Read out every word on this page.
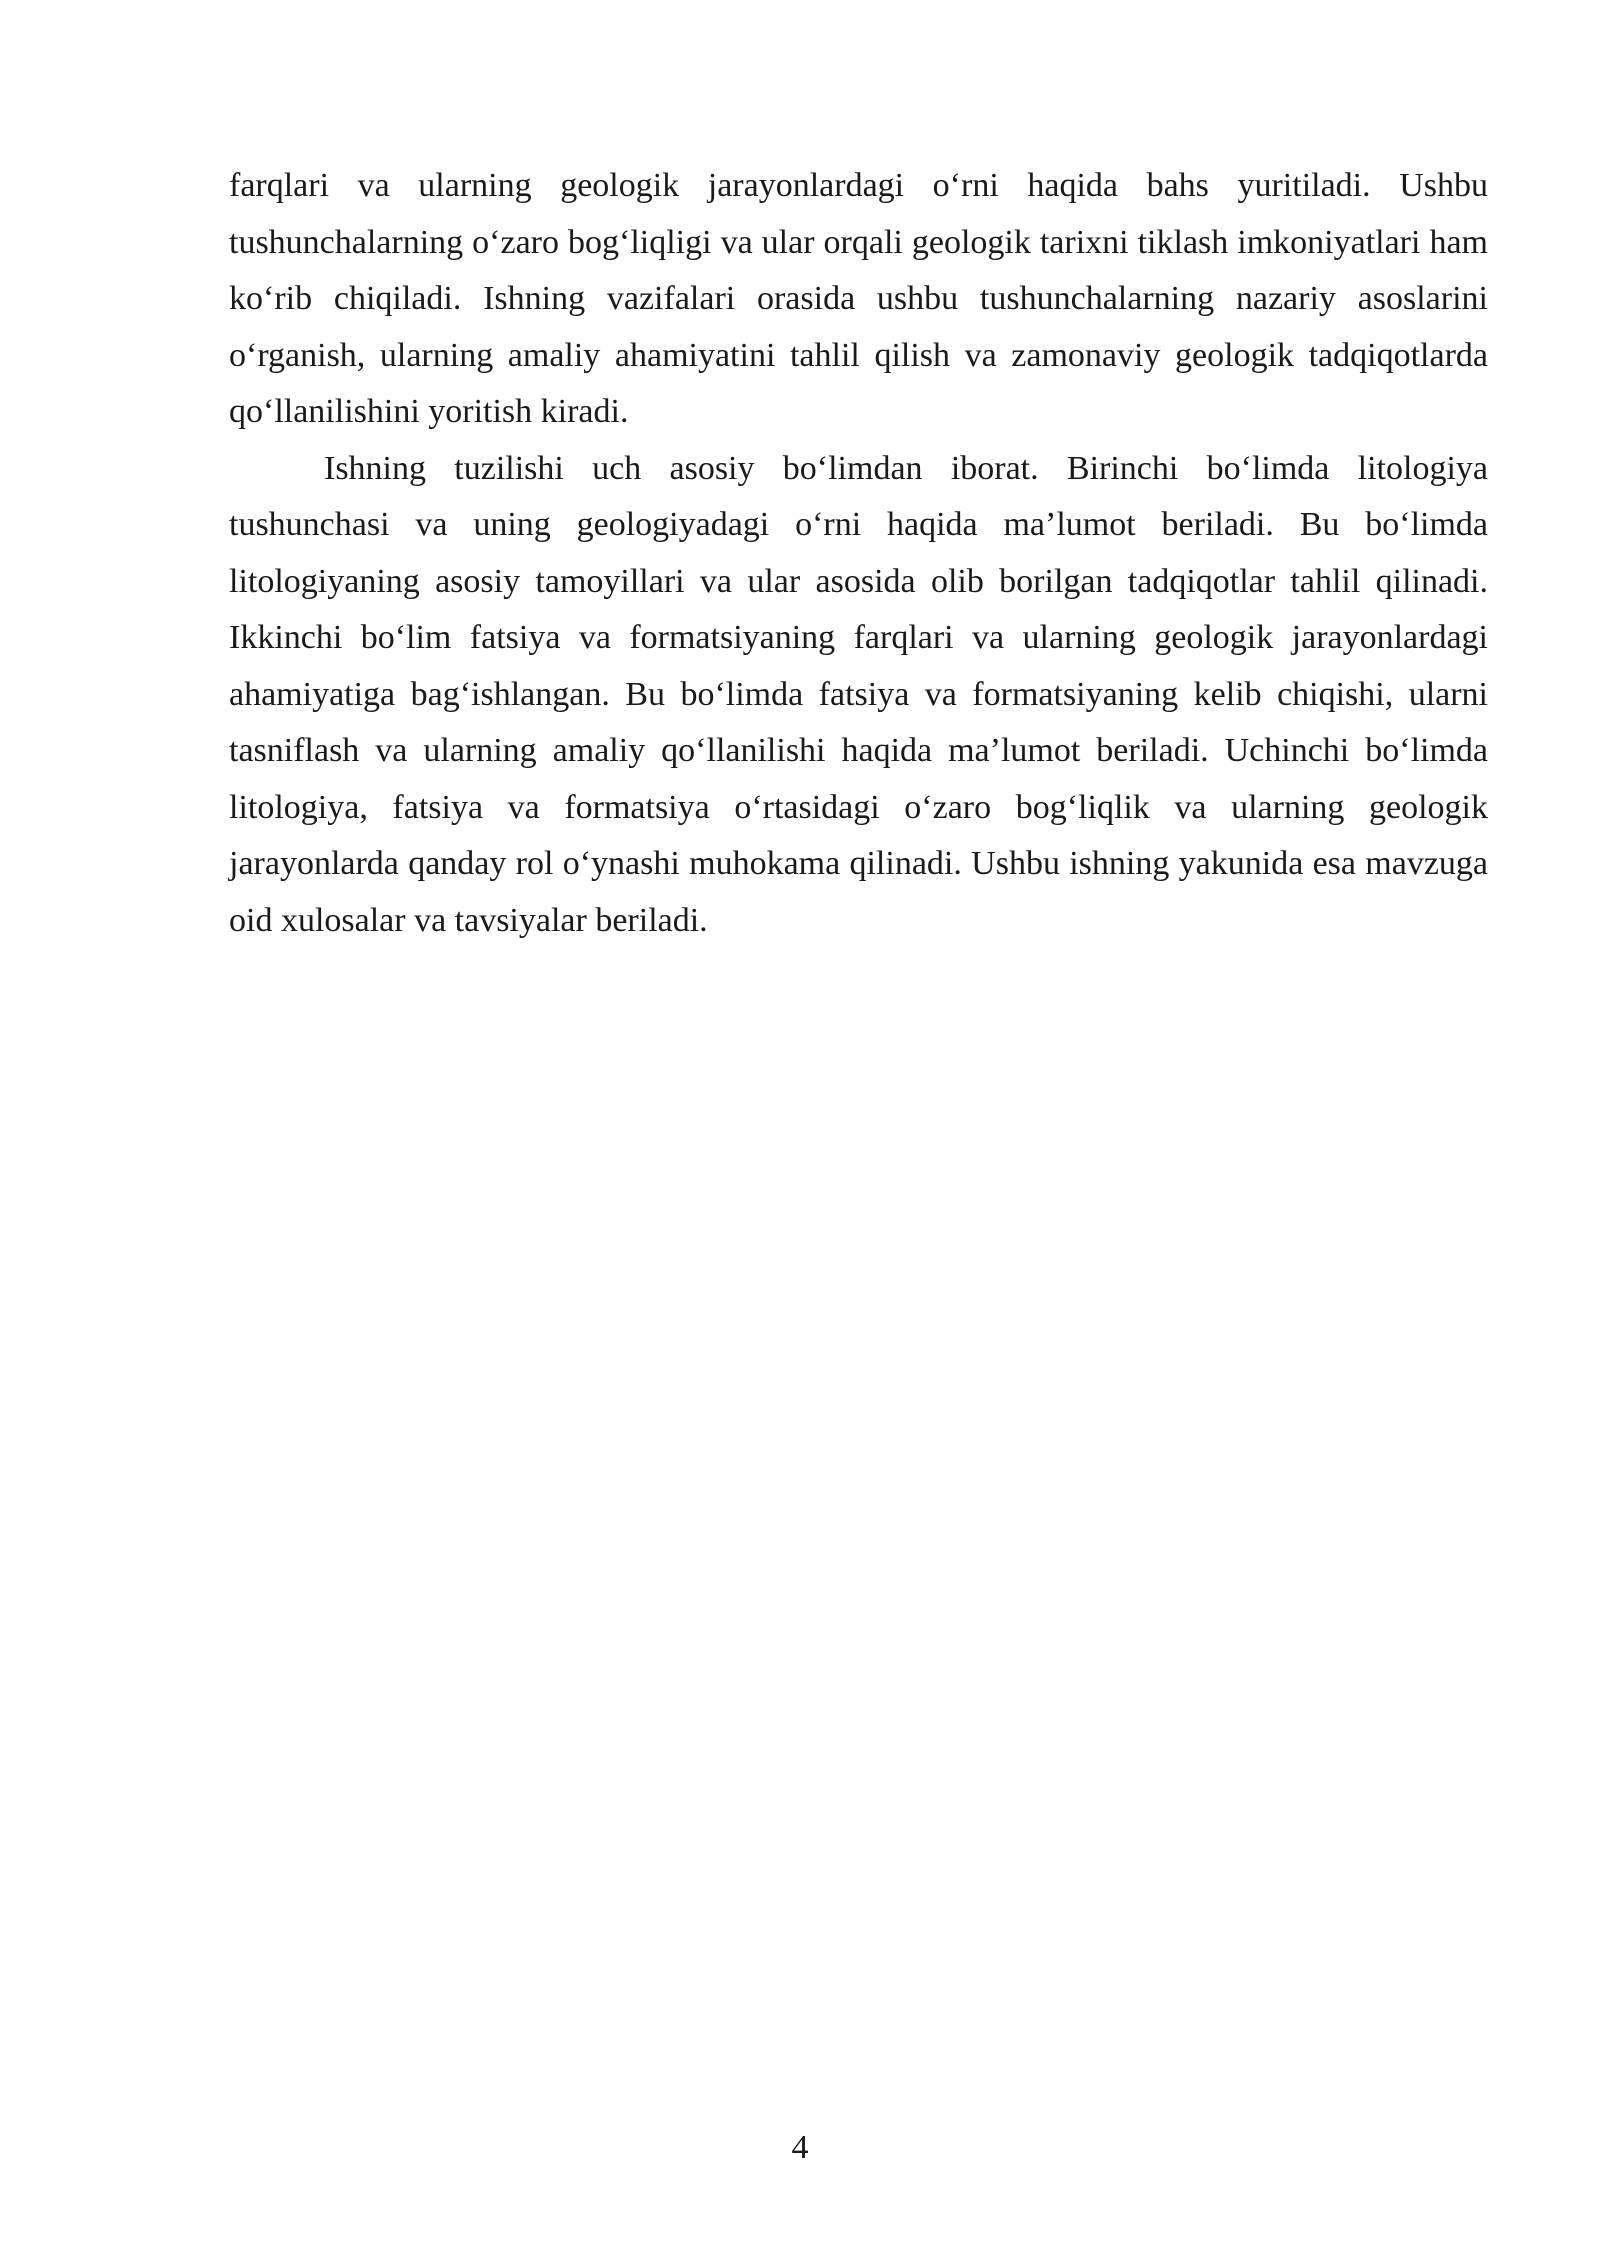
farqlari va ularning geologik jarayonlardagi o‘rni haqida bahs yuritiladi. Ushbu tushunchalarning o‘zaro bog‘liqligi va ular orqali geologik tarixni tiklash imkoniyatlari ham ko‘rib chiqiladi. Ishning vazifalari orasida ushbu tushunchalarning nazariy asoslarini o‘rganish, ularning amaliy ahamiyatini tahlil qilish va zamonaviy geologik tadqiqotlarda qo‘llanilishini yoritish kiradi.

Ishning tuzilishi uch asosiy bo‘limdan iborat. Birinchi bo‘limda litologiya tushunchasi va uning geologiyadagi o‘rni haqida ma’lumot beriladi. Bu bo‘limda litologiyaning asosiy tamoyillari va ular asosida olib borilgan tadqiqotlar tahlil qilinadi. Ikkinchi bo‘lim fatsiya va formatsiyaning farqlari va ularning geologik jarayonlardagi ahamiyatiga bag‘ishlangan. Bu bo‘limda fatsiya va formatsiyaning kelib chiqishi, ularni tasniflash va ularning amaliy qo‘llanilishi haqida ma’lumot beriladi. Uchinchi bo‘limda litologiya, fatsiya va formatsiya o‘rtasidagi o‘zaro bog‘liqlik va ularning geologik jarayonlarda qanday rol o‘ynashi muhokama qilinadi. Ushbu ishning yakunida esa mavzuga oid xulosalar va tavsiyalar beriladi.

4
